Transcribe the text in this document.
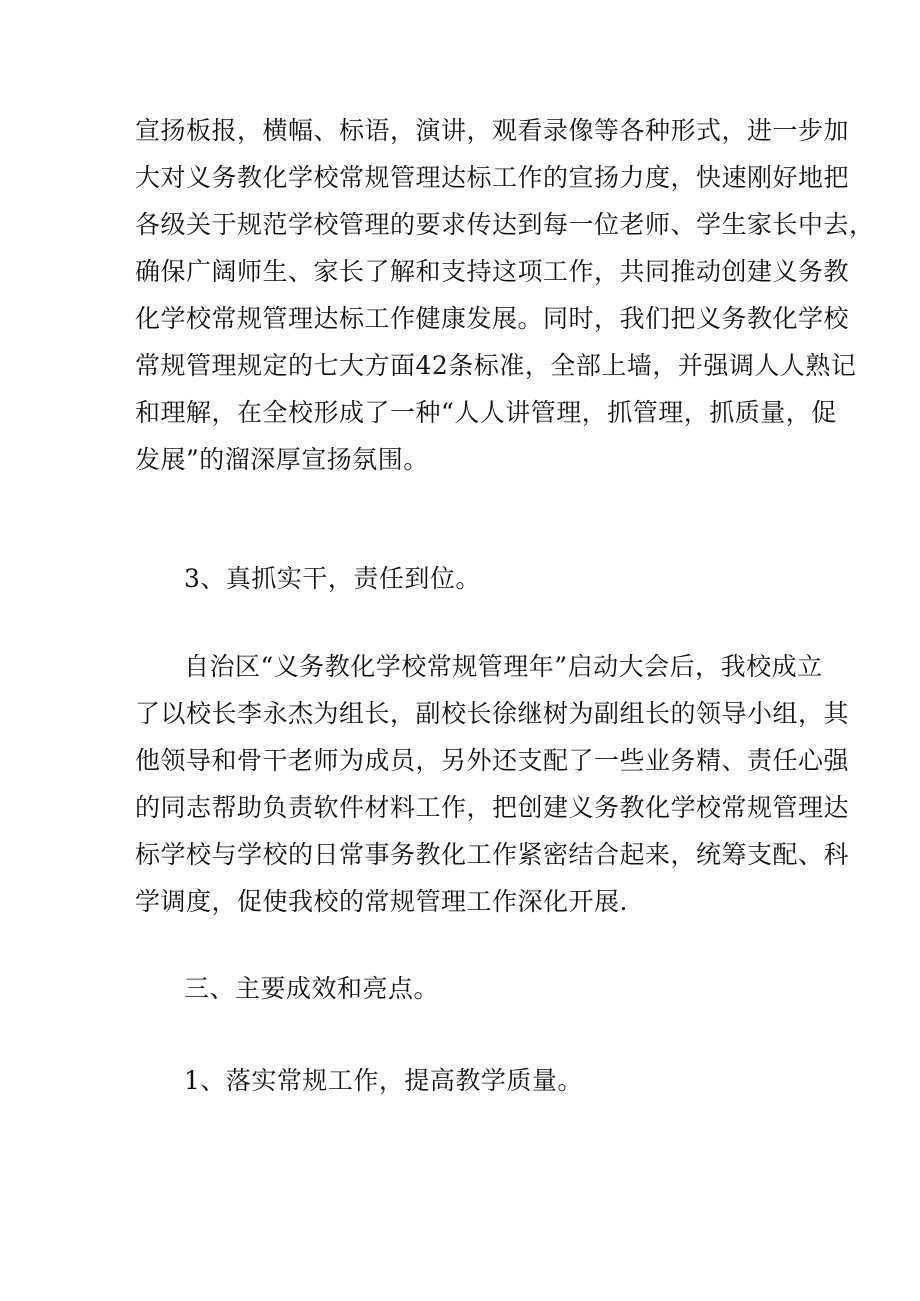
宣扬板报，横幅、标语，演讲，观看录像等各种形式，进一步加
大对义务教化学校常规管理达标工作的宣扬力度，快速刚好地把
各级关于规范学校管理的要求传达到每一位老师、学生家长中去，
确保广阔师生、家长了解和支持这项工作，共同推动创建义务教
化学校常规管理达标工作健康发展。同时，我们把义务教化学校
常规管理规定的七大方面42条标准，全部上墙，并强调人人熟记
和理解，在全校形成了一种“人人讲管理，抓管理，抓质量，促
发展”的溜深厚宣扬氛围。

3、真抓实干，责任到位。

自治区“义务教化学校常规管理年”启动大会后，我校成立
了以校长李永杰为组长，副校长徐继树为副组长的领导小组，其
他领导和骨干老师为成员，另外还支配了一些业务精、责任心强
的同志帮助负责软件材料工作，把创建义务教化学校常规管理达
标学校与学校的日常事务教化工作紧密结合起来，统筹支配、科
学调度，促使我校的常规管理工作深化开展.

三、主要成效和亮点。

1、落实常规工作，提高教学质量。
